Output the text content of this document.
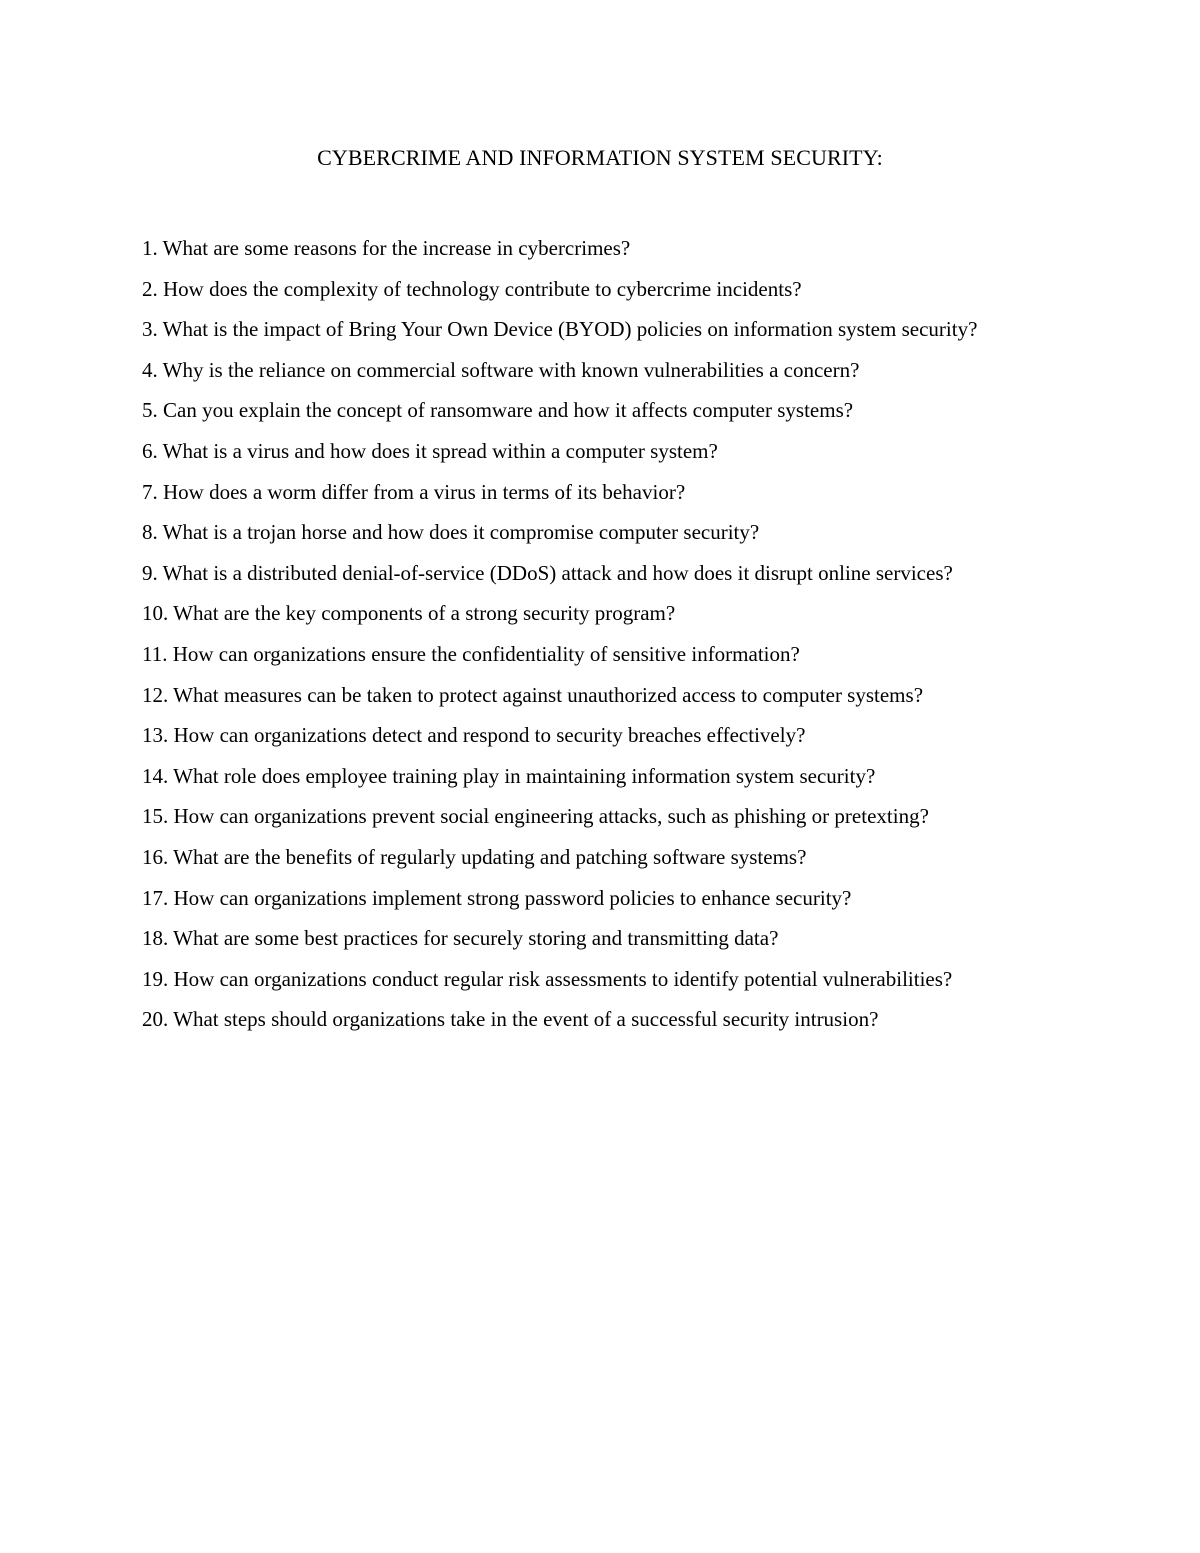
CYBERCRIME AND INFORMATION SYSTEM SECURITY:
1. What are some reasons for the increase in cybercrimes?
2. How does the complexity of technology contribute to cybercrime incidents?
3. What is the impact of Bring Your Own Device (BYOD) policies on information system security?
4. Why is the reliance on commercial software with known vulnerabilities a concern?
5. Can you explain the concept of ransomware and how it affects computer systems?
6. What is a virus and how does it spread within a computer system?
7. How does a worm differ from a virus in terms of its behavior?
8. What is a trojan horse and how does it compromise computer security?
9. What is a distributed denial-of-service (DDoS) attack and how does it disrupt online services?
10. What are the key components of a strong security program?
11. How can organizations ensure the confidentiality of sensitive information?
12. What measures can be taken to protect against unauthorized access to computer systems?
13. How can organizations detect and respond to security breaches effectively?
14. What role does employee training play in maintaining information system security?
15. How can organizations prevent social engineering attacks, such as phishing or pretexting?
16. What are the benefits of regularly updating and patching software systems?
17. How can organizations implement strong password policies to enhance security?
18. What are some best practices for securely storing and transmitting data?
19. How can organizations conduct regular risk assessments to identify potential vulnerabilities?
20. What steps should organizations take in the event of a successful security intrusion?
